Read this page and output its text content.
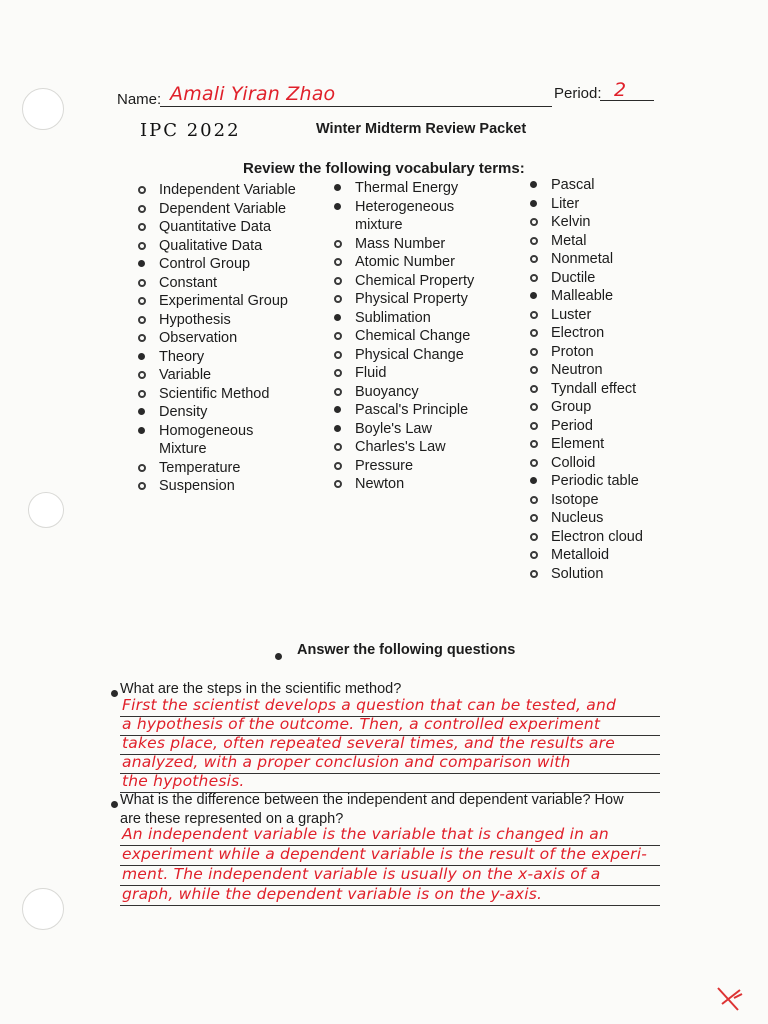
Name: Amali Yiran Zhao	Period: 2
IPC 2022	Winter Midterm Review Packet
Review the following vocabulary terms:
Independent Variable
Dependent Variable
Quantitative Data
Qualitative Data
Control Group
Constant
Experimental Group
Hypothesis
Observation
Theory
Variable
Scientific Method
Density
Homogeneous Mixture
Temperature
Suspension
Thermal Energy
Heterogeneous mixture
Mass Number
Atomic Number
Chemical Property
Physical Property
Sublimation
Chemical Change
Physical Change
Fluid
Buoyancy
Pascal's Principle
Boyle's Law
Charles's Law
Pressure
Newton
Pascal
Liter
Kelvin
Metal
Nonmetal
Ductile
Malleable
Luster
Electron
Proton
Neutron
Tyndall effect
Group
Period
Element
Colloid
Periodic table
Isotope
Nucleus
Electron cloud
Metalloid
Solution
Answer the following questions
What are the steps in the scientific method?
First the scientist develops a question that can be tested, and
a hypothesis of the outcome. Then, a controlled experiment
takes place, often repeated several times, and the results are
analyzed, with a proper conclusion and comparison with
the hypothesis.
What is the difference between the independent and dependent variable? How
are these represented on a graph?
An independent variable is the variable that is changed in an
experiment while a dependent variable is the result of the experi-
ment. The independent variable is usually on the x-axis of a
graph, while the dependent variable is on the y-axis.
